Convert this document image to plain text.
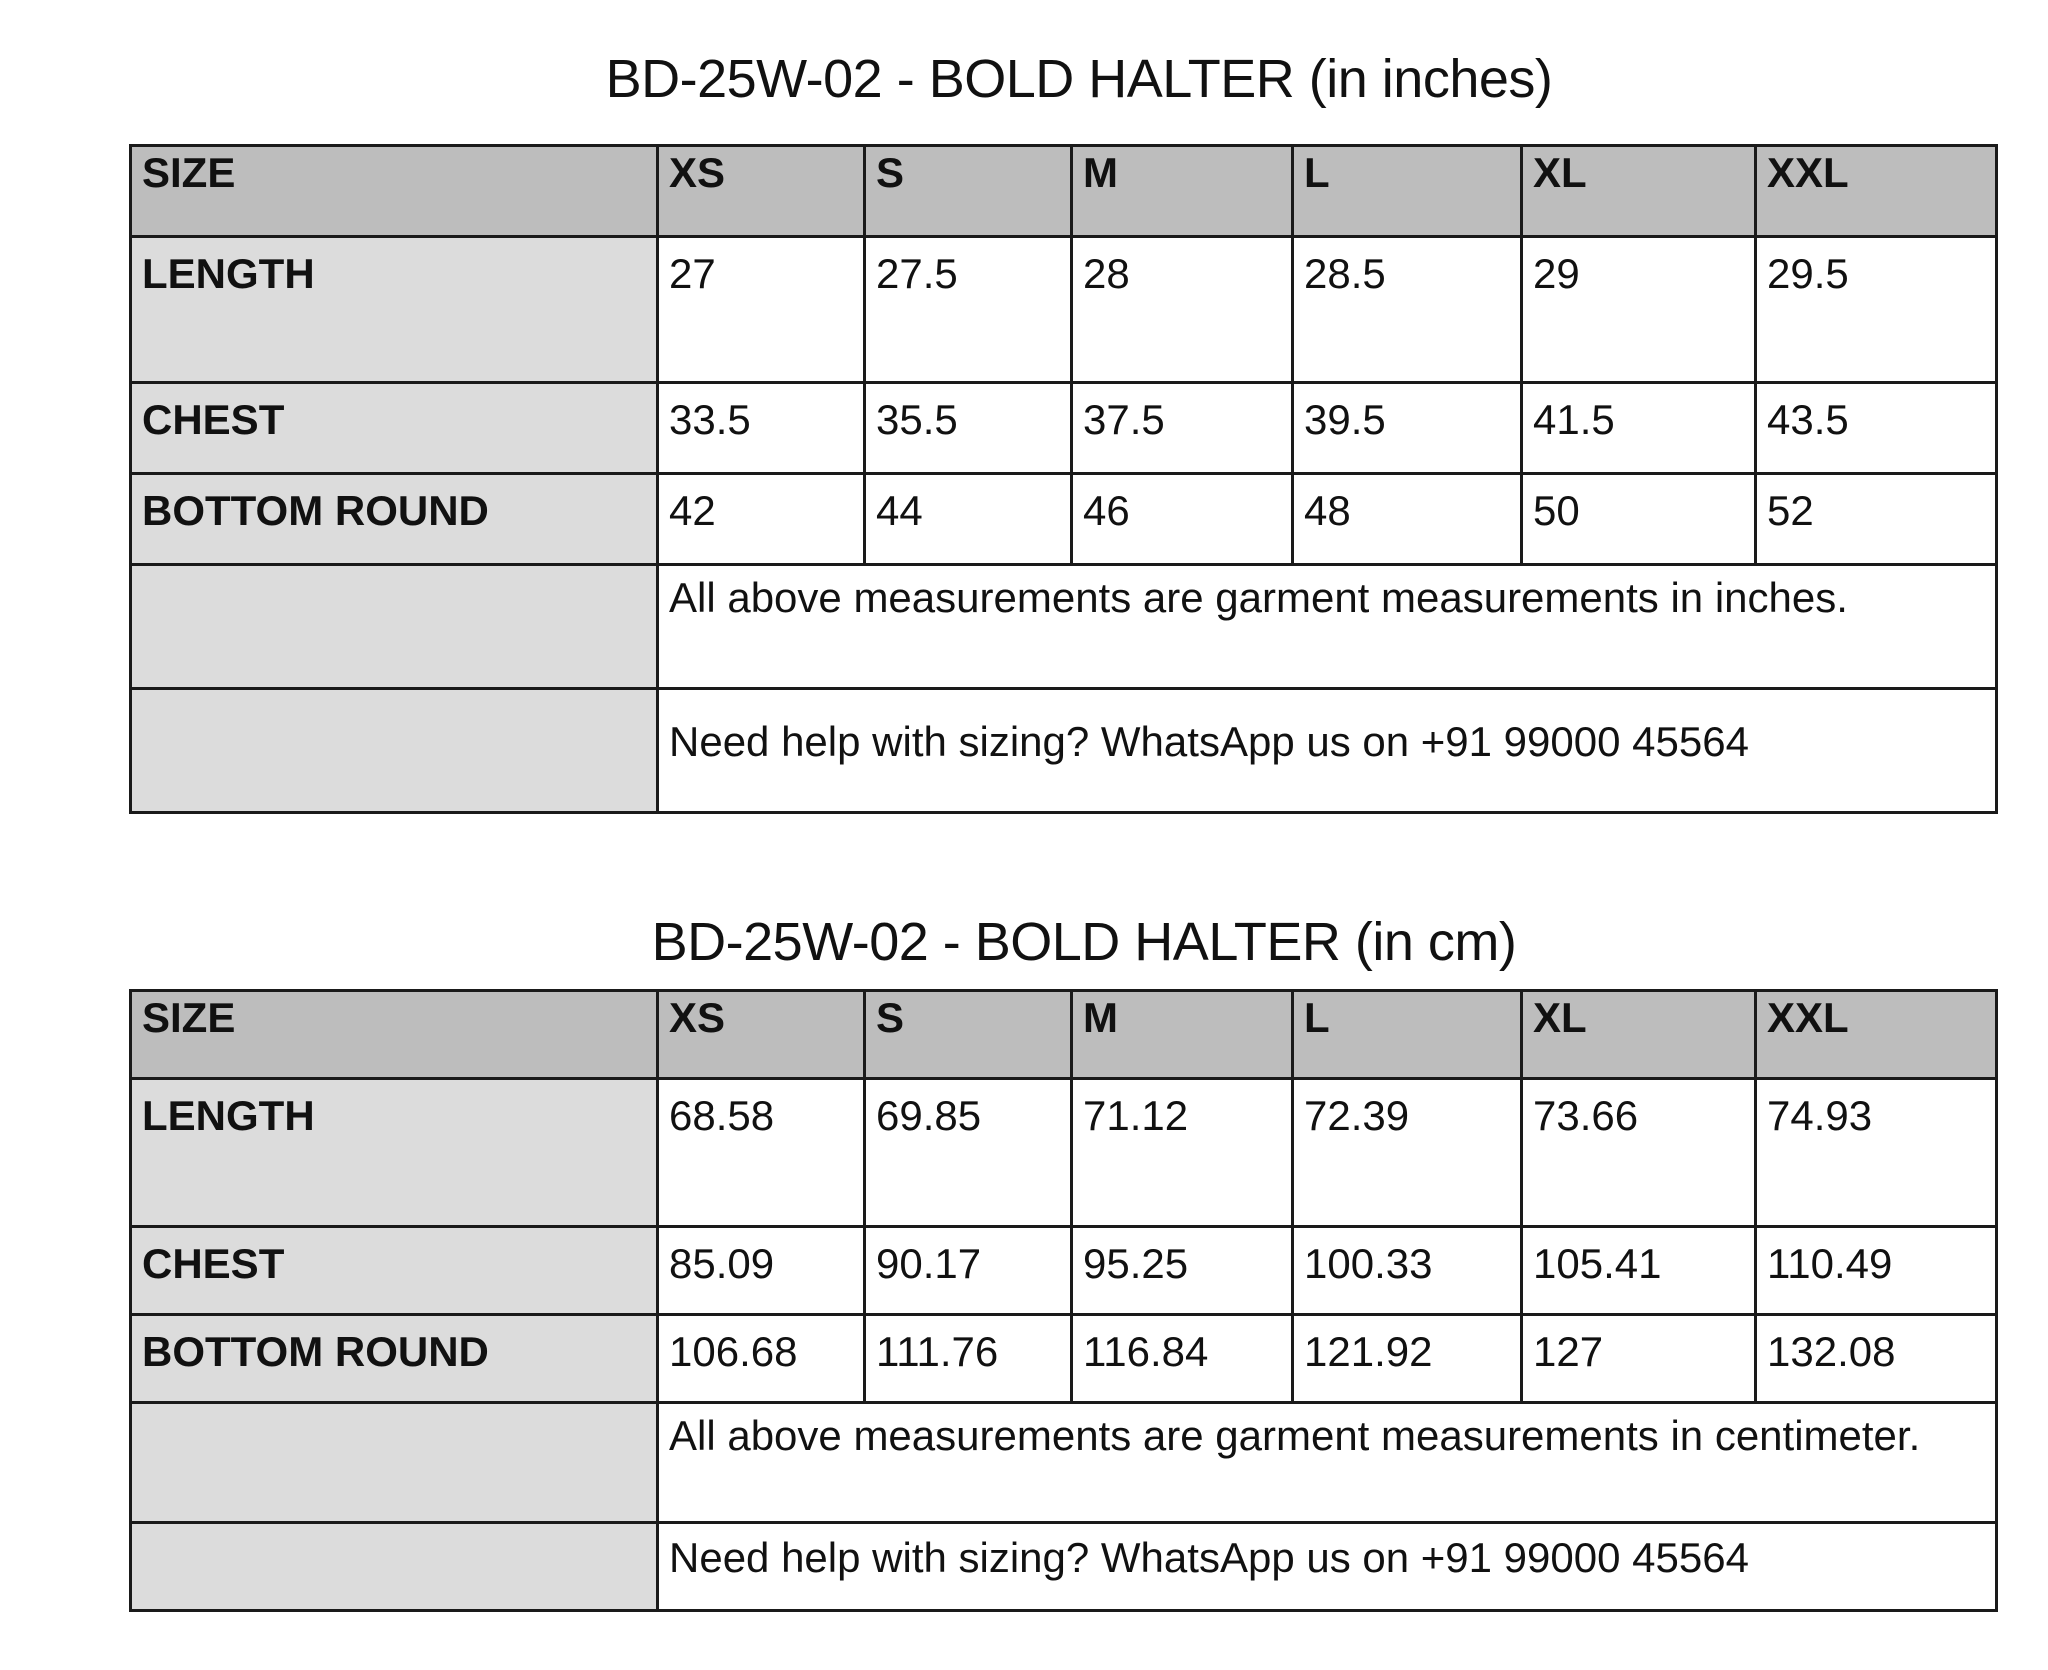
BD-25W-02 - BOLD HALTER (in inches)
SIZE	XS	S	M	L	XL	XXL
LENGTH	27	27.5	28	28.5	29	29.5
CHEST	33.5	35.5	37.5	39.5	41.5	43.5
BOTTOM ROUND	42	44	46	48	50	52
	All above measurements are garment measurements in inches.					
	Need help with sizing? WhatsApp us on +91 99000 45564					
BD-25W-02 - BOLD HALTER (in cm)
SIZE	XS	S	M	L	XL	XXL
LENGTH	68.58	69.85	71.12	72.39	73.66	74.93
CHEST	85.09	90.17	95.25	100.33	105.41	110.49
BOTTOM ROUND	106.68	111.76	116.84	121.92	127	132.08
	All above measurements are garment measurements in centimeter.					
	Need help with sizing? WhatsApp us on +91 99000 45564					
